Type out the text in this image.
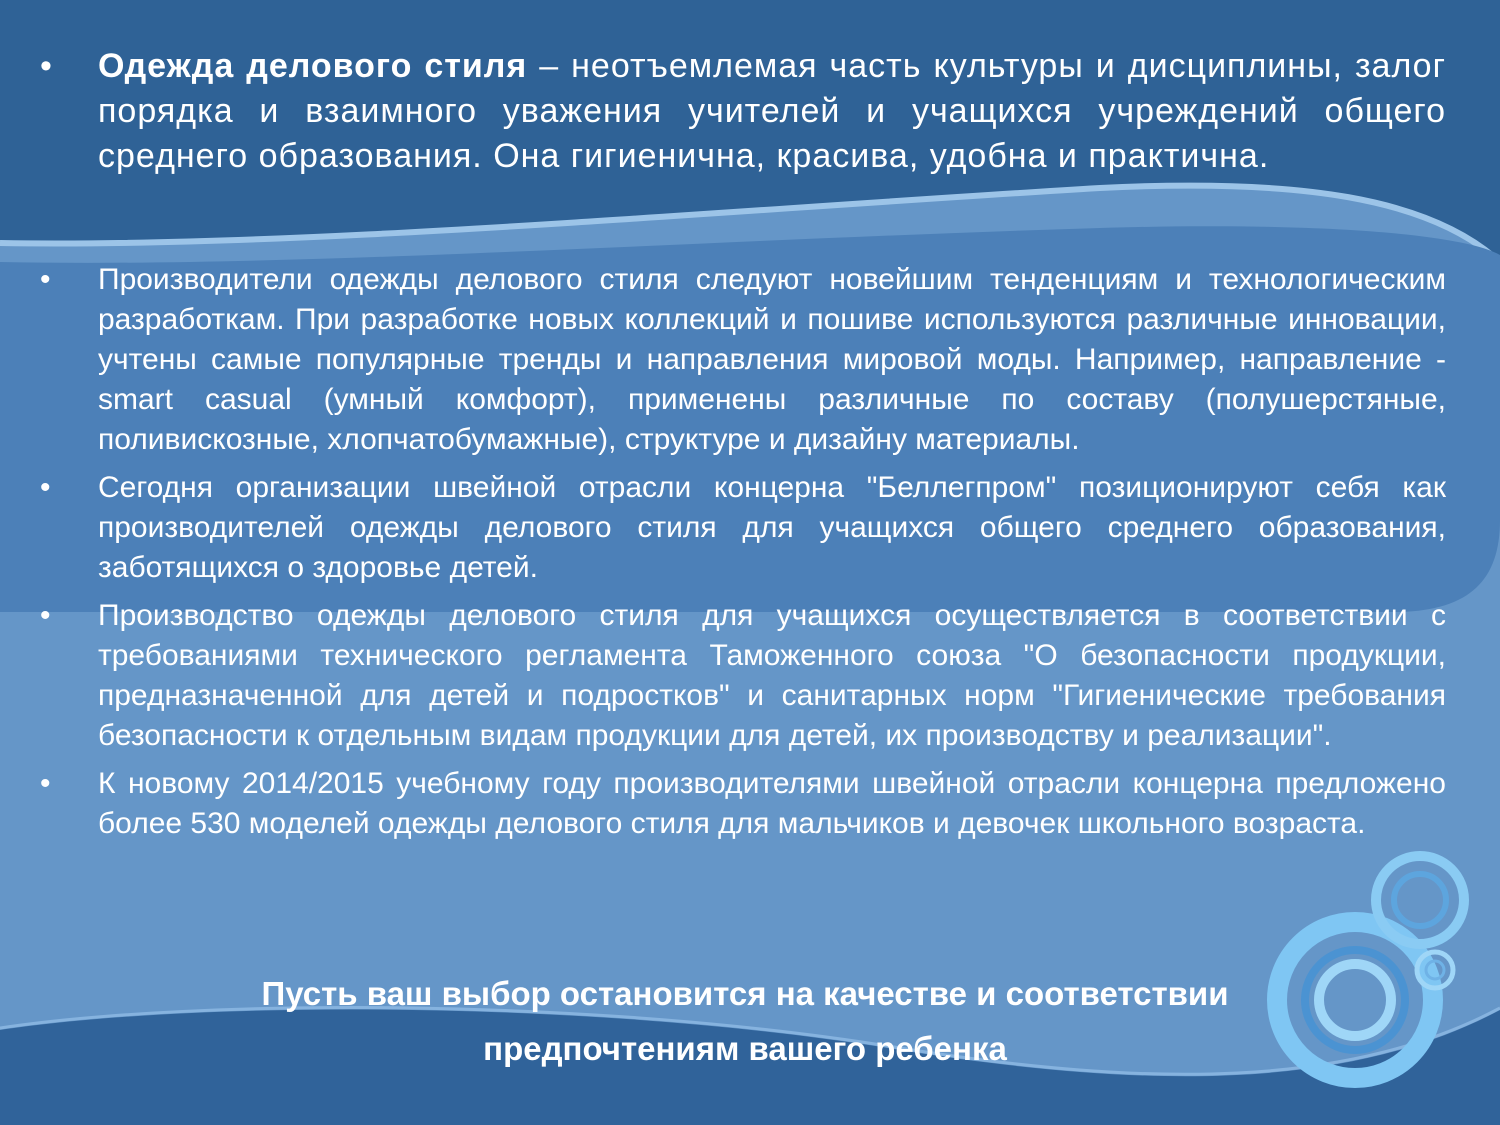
• Одежда делового стиля – неотъемлемая часть культуры и дисциплины, залог порядка и взаимного уважения учителей и учащихся учреждений общего среднего образования. Она гигиенична, красива, удобна и практична.
• Производители одежды делового стиля следуют новейшим тенденциям и технологическим разработкам. При разработке новых коллекций и пошиве используются различные инновации, учтены самые популярные тренды и направления мировой моды. Например, направление - smart casual (умный комфорт), применены различные по составу (полушерстяные, поливискозные, хлопчатобумажные), структуре и дизайну материалы.
• Сегодня организации швейной отрасли концерна "Беллегпром" позиционируют себя как производителей одежды делового стиля для учащихся общего среднего образования, заботящихся о здоровье детей.
• Производство одежды делового стиля для учащихся осуществляется в соответствии с требованиями технического регламента Таможенного союза "О безопасности продукции, предназначенной для детей и подростков" и санитарных норм "Гигиенические требования безопасности к отдельным видам продукции для детей, их производству и реализации".
• К новому 2014/2015 учебному году производителями швейной отрасли концерна предложено более 530 моделей одежды делового стиля для мальчиков и девочек школьного возраста.
Пусть ваш выбор остановится на качестве и соответствии
предпочтениям вашего ребенка
